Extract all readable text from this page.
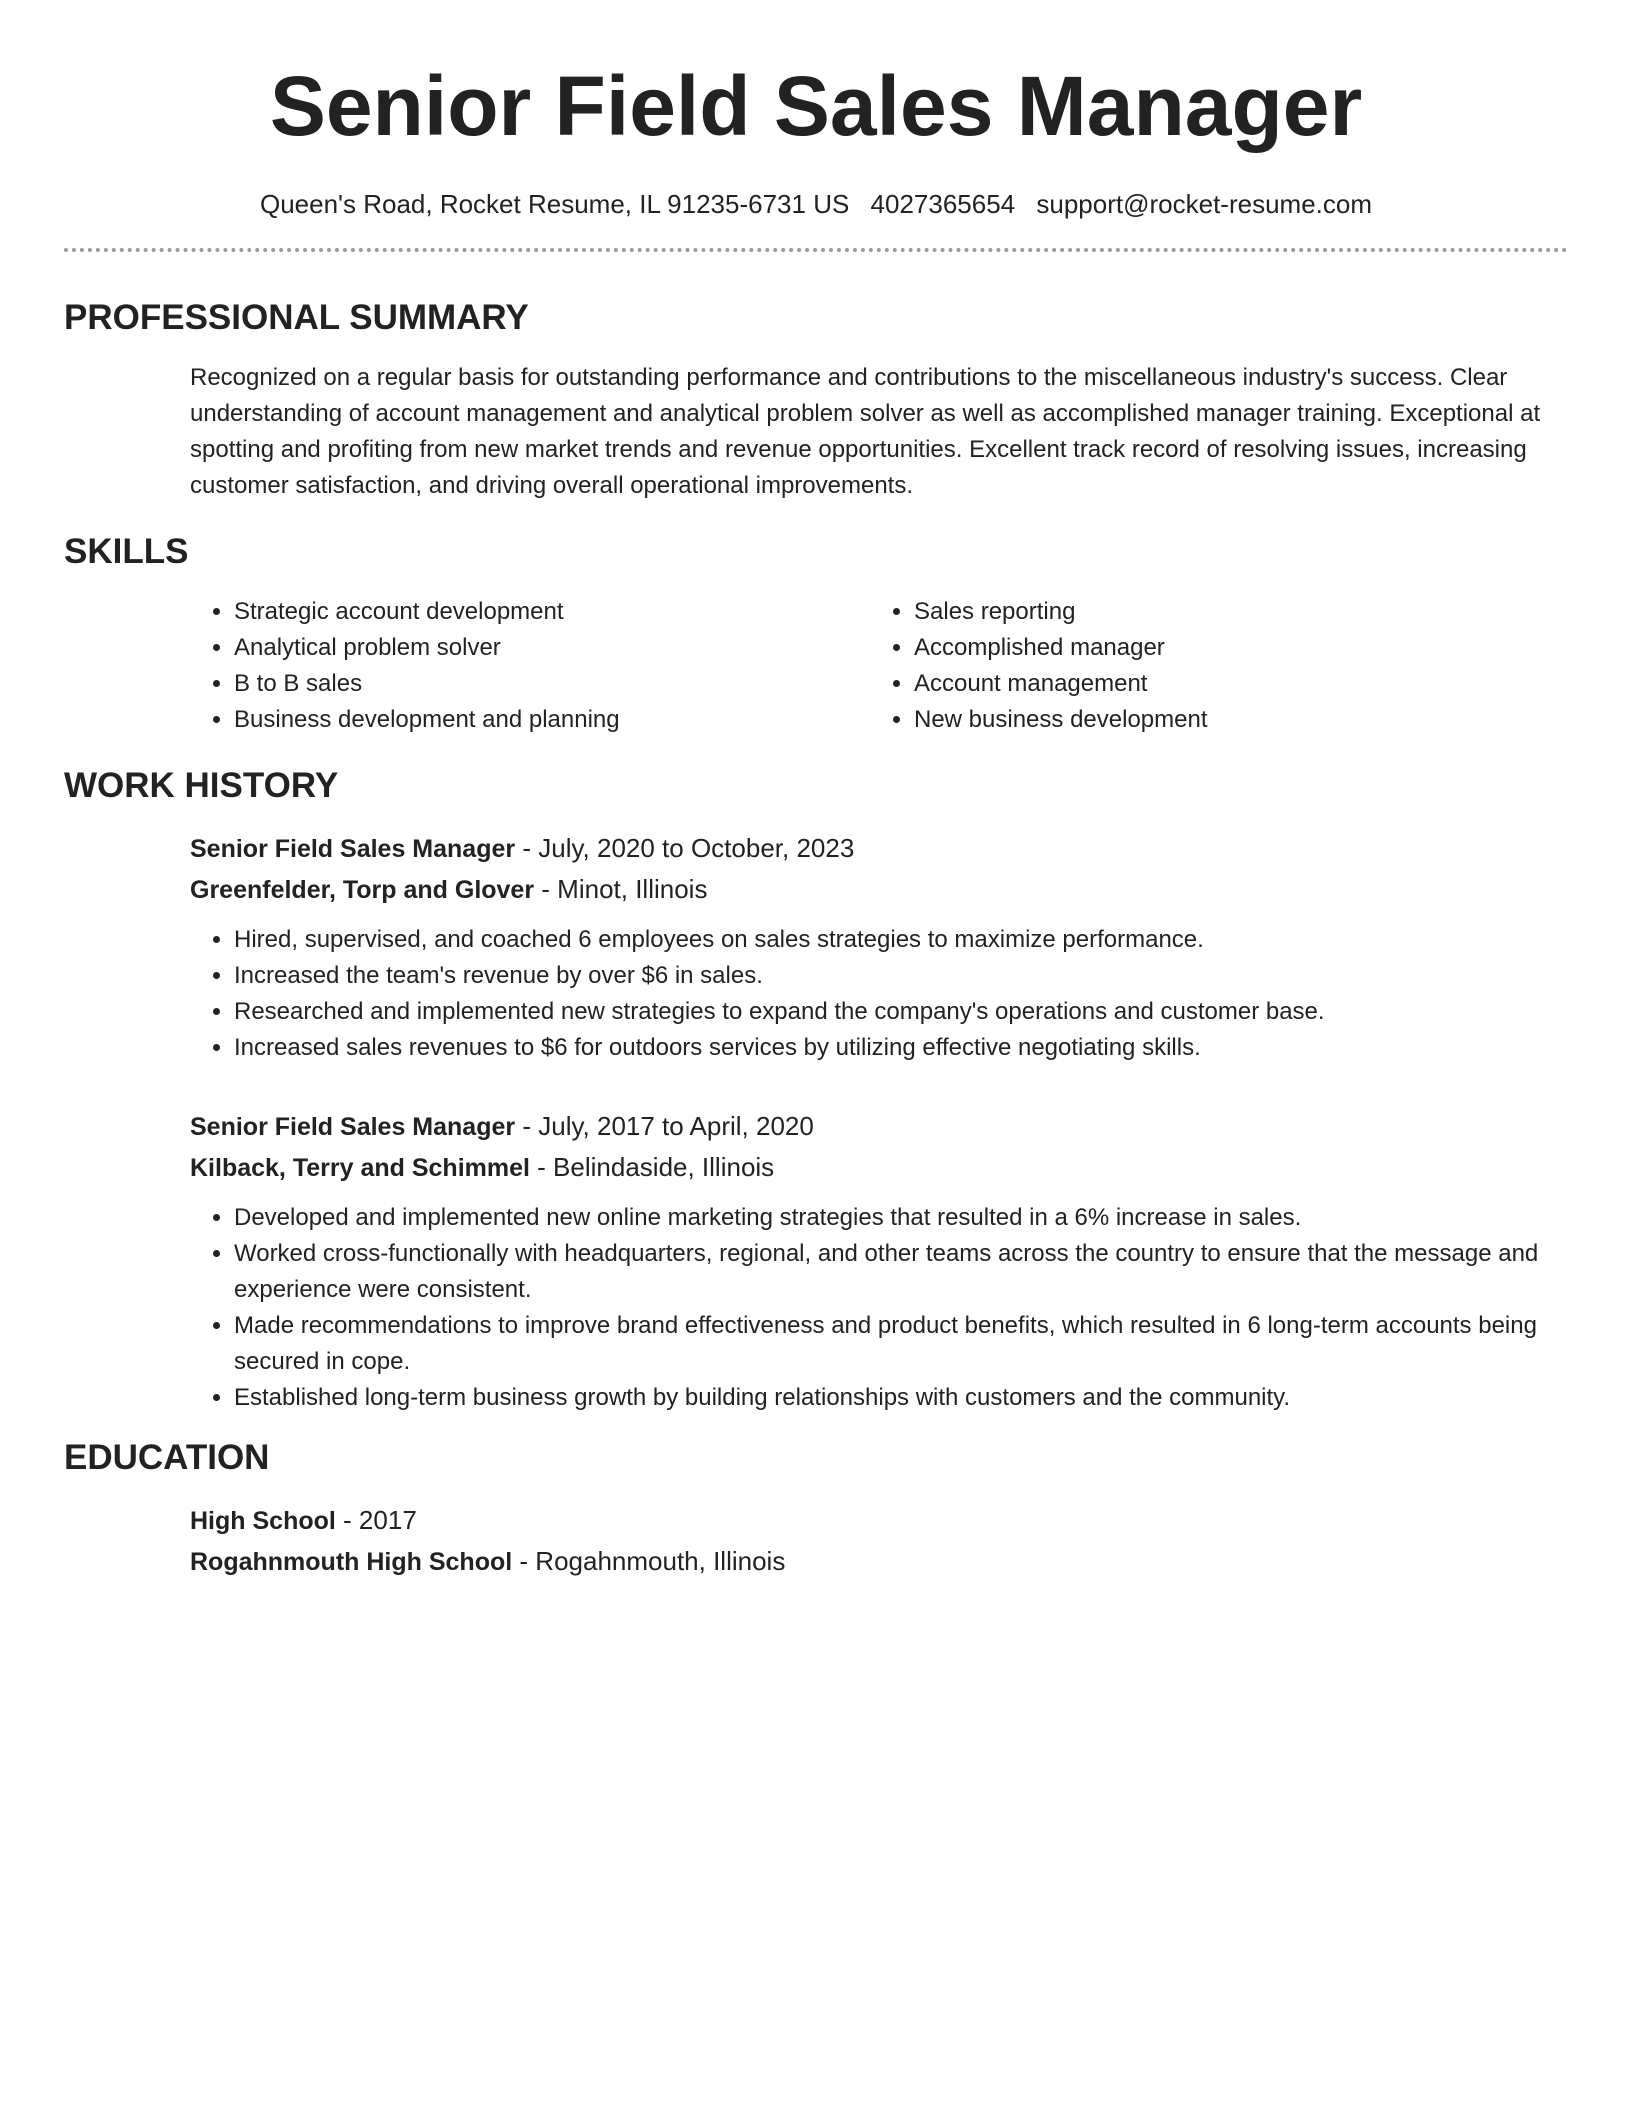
Senior Field Sales Manager
Queen's Road, Rocket Resume, IL 91235-6731 US 4027365654 support@rocket-resume.com
PROFESSIONAL SUMMARY
Recognized on a regular basis for outstanding performance and contributions to the miscellaneous industry's success. Clear understanding of account management and analytical problem solver as well as accomplished manager training. Exceptional at spotting and profiting from new market trends and revenue opportunities. Excellent track record of resolving issues, increasing customer satisfaction, and driving overall operational improvements.
SKILLS
• Strategic account development
• Analytical problem solver
• B to B sales
• Business development and planning
• Sales reporting
• Accomplished manager
• Account management
• New business development
WORK HISTORY
Senior Field Sales Manager - July, 2020 to October, 2023
Greenfelder, Torp and Glover - Minot, Illinois
• Hired, supervised, and coached 6 employees on sales strategies to maximize performance.
• Increased the team's revenue by over $6 in sales.
• Researched and implemented new strategies to expand the company's operations and customer base.
• Increased sales revenues to $6 for outdoors services by utilizing effective negotiating skills.
Senior Field Sales Manager - July, 2017 to April, 2020
Kilback, Terry and Schimmel - Belindaside, Illinois
• Developed and implemented new online marketing strategies that resulted in a 6% increase in sales.
• Worked cross-functionally with headquarters, regional, and other teams across the country to ensure that the message and experience were consistent.
• Made recommendations to improve brand effectiveness and product benefits, which resulted in 6 long-term accounts being secured in cope.
• Established long-term business growth by building relationships with customers and the community.
EDUCATION
High School - 2017
Rogahnmouth High School - Rogahnmouth, Illinois
